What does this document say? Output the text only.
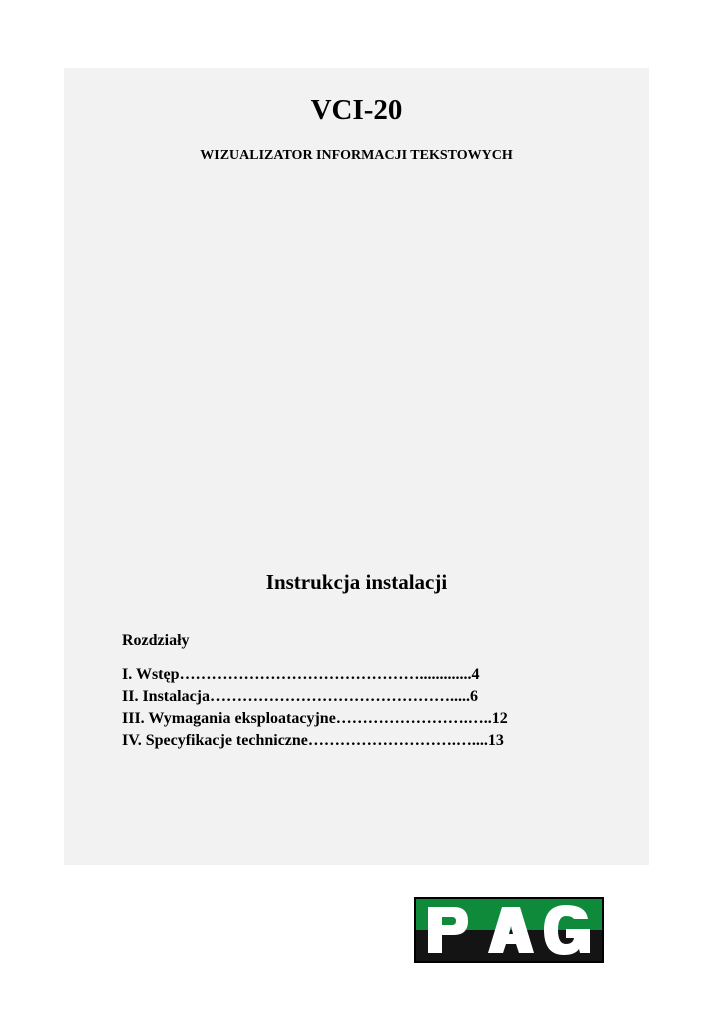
VCI-20
WIZUALIZATOR INFORMACJI TEKSTOWYCH
Instrukcja instalacji
Rozdziały
I. Wstęp……………………………………….............4
II. Instalacja……………………………………….....6
III. Wymagania eksploatacyjne…………………….…..12
IV. Specyfikacje techniczne……………………….…....13
